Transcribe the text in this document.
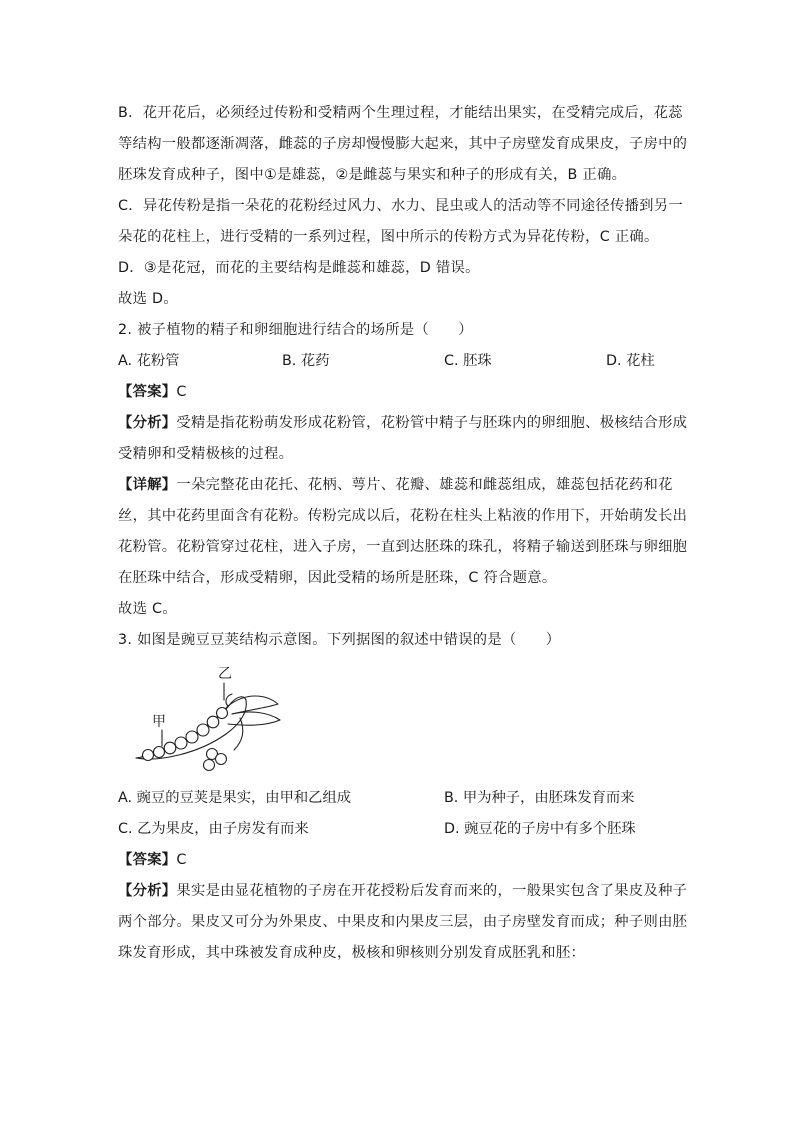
B．花开花后，必须经过传粉和受精两个生理过程，才能结出果实，在受精完成后，花蕊
等结构一般都逐渐凋落，雌蕊的子房却慢慢膨大起来，其中子房壁发育成果皮，子房中的
胚珠发育成种子，图中①是雄蕊，②是雌蕊与果实和种子的形成有关，B 正确。
C．异花传粉是指一朵花的花粉经过风力、水力、昆虫或人的活动等不同途径传播到另一
朵花的花柱上，进行受精的一系列过程，图中所示的传粉方式为异花传粉，C 正确。
D．③是花冠，而花的主要结构是雌蕊和雄蕊，D 错误。
故选 D。
2. 被子植物的精子和卵细胞进行结合的场所是（　　）
A. 花粉管	B. 花药	C. 胚珠	D. 花柱
【答案】C
【分析】受精是指花粉萌发形成花粉管，花粉管中精子与胚珠内的卵细胞、极核结合形成
受精卵和受精极核的过程。
【详解】一朵完整花由花托、花柄、萼片、花瓣、雄蕊和雌蕊组成，雄蕊包括花药和花
丝，其中花药里面含有花粉。传粉完成以后，花粉在柱头上粘液的作用下，开始萌发长出
花粉管。花粉管穿过花柱，进入子房，一直到达胚珠的珠孔，将精子输送到胚珠与卵细胞
在胚珠中结合，形成受精卵，因此受精的场所是胚珠，C 符合题意。
故选 C。
3. 如图是豌豆豆荚结构示意图。下列据图的叙述中错误的是（　　）
乙
甲
A. 豌豆的豆荚是果实，由甲和乙组成	B. 甲为种子，由胚珠发育而来
C. 乙为果皮，由子房发有而来	D. 豌豆花的子房中有多个胚珠
【答案】C
【分析】果实是由显花植物的子房在开花授粉后发育而来的，一般果实包含了果皮及种子
两个部分。果皮又可分为外果皮、中果皮和内果皮三层，由子房壁发育而成；种子则由胚
珠发育形成，其中珠被发育成种皮，极核和卵核则分别发育成胚乳和胚：
